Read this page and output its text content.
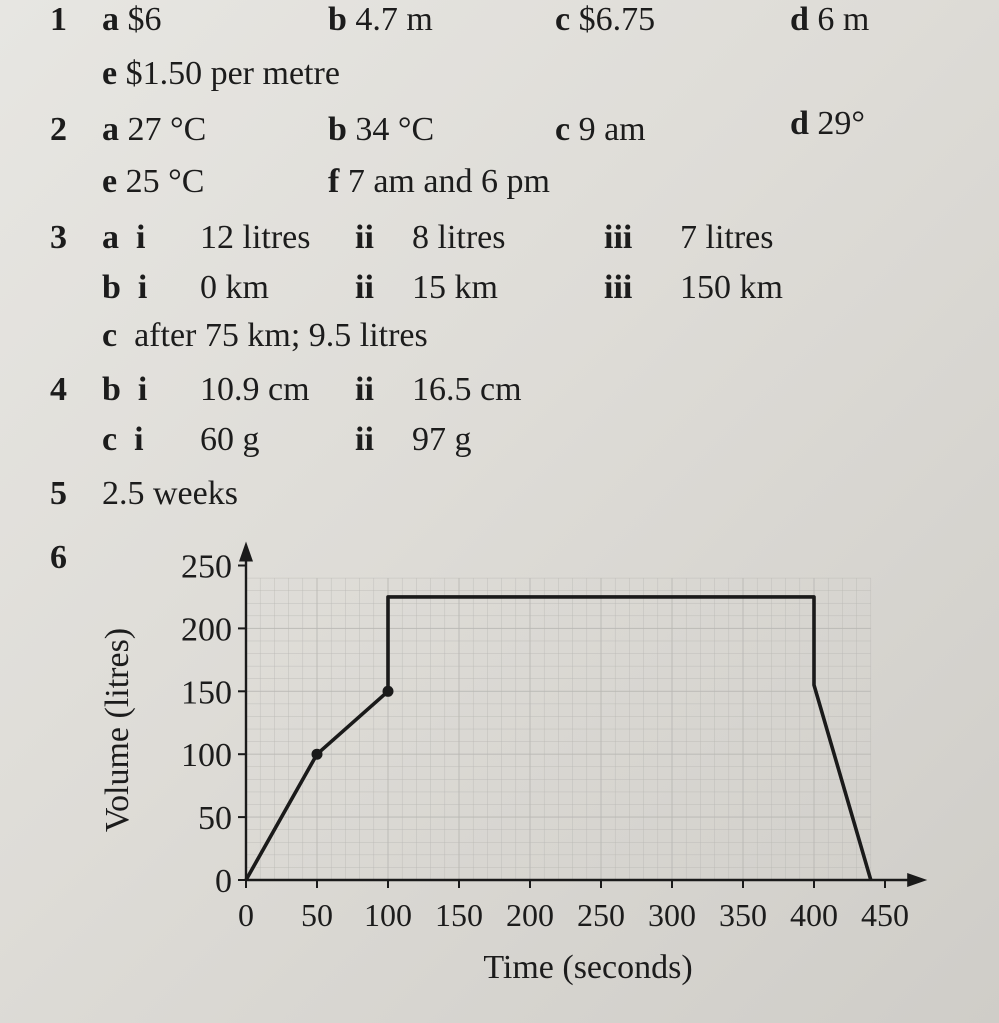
1 a $6	b 4.7 m	c $6.75	d 6 m
e $1.50 per metre
2 a 27 °C	b 34 °C	c 9 am	d 29°
e 25 °C	f 7 am and 6 pm
3 a i 12 litres ii 8 litres	iii 7 litres
b i 0 km	ii 15 km	iii 150 km
c after 75 km; 9.5 litres
4 b i 10.9 cm ii 16.5 cm
c i 60 g	ii 97 g
5 2.5 weeks
6
0
50
100
150
200
250
0 50 100 150 200 250 300 350 400 450
Time (seconds)
Volume (litres)
